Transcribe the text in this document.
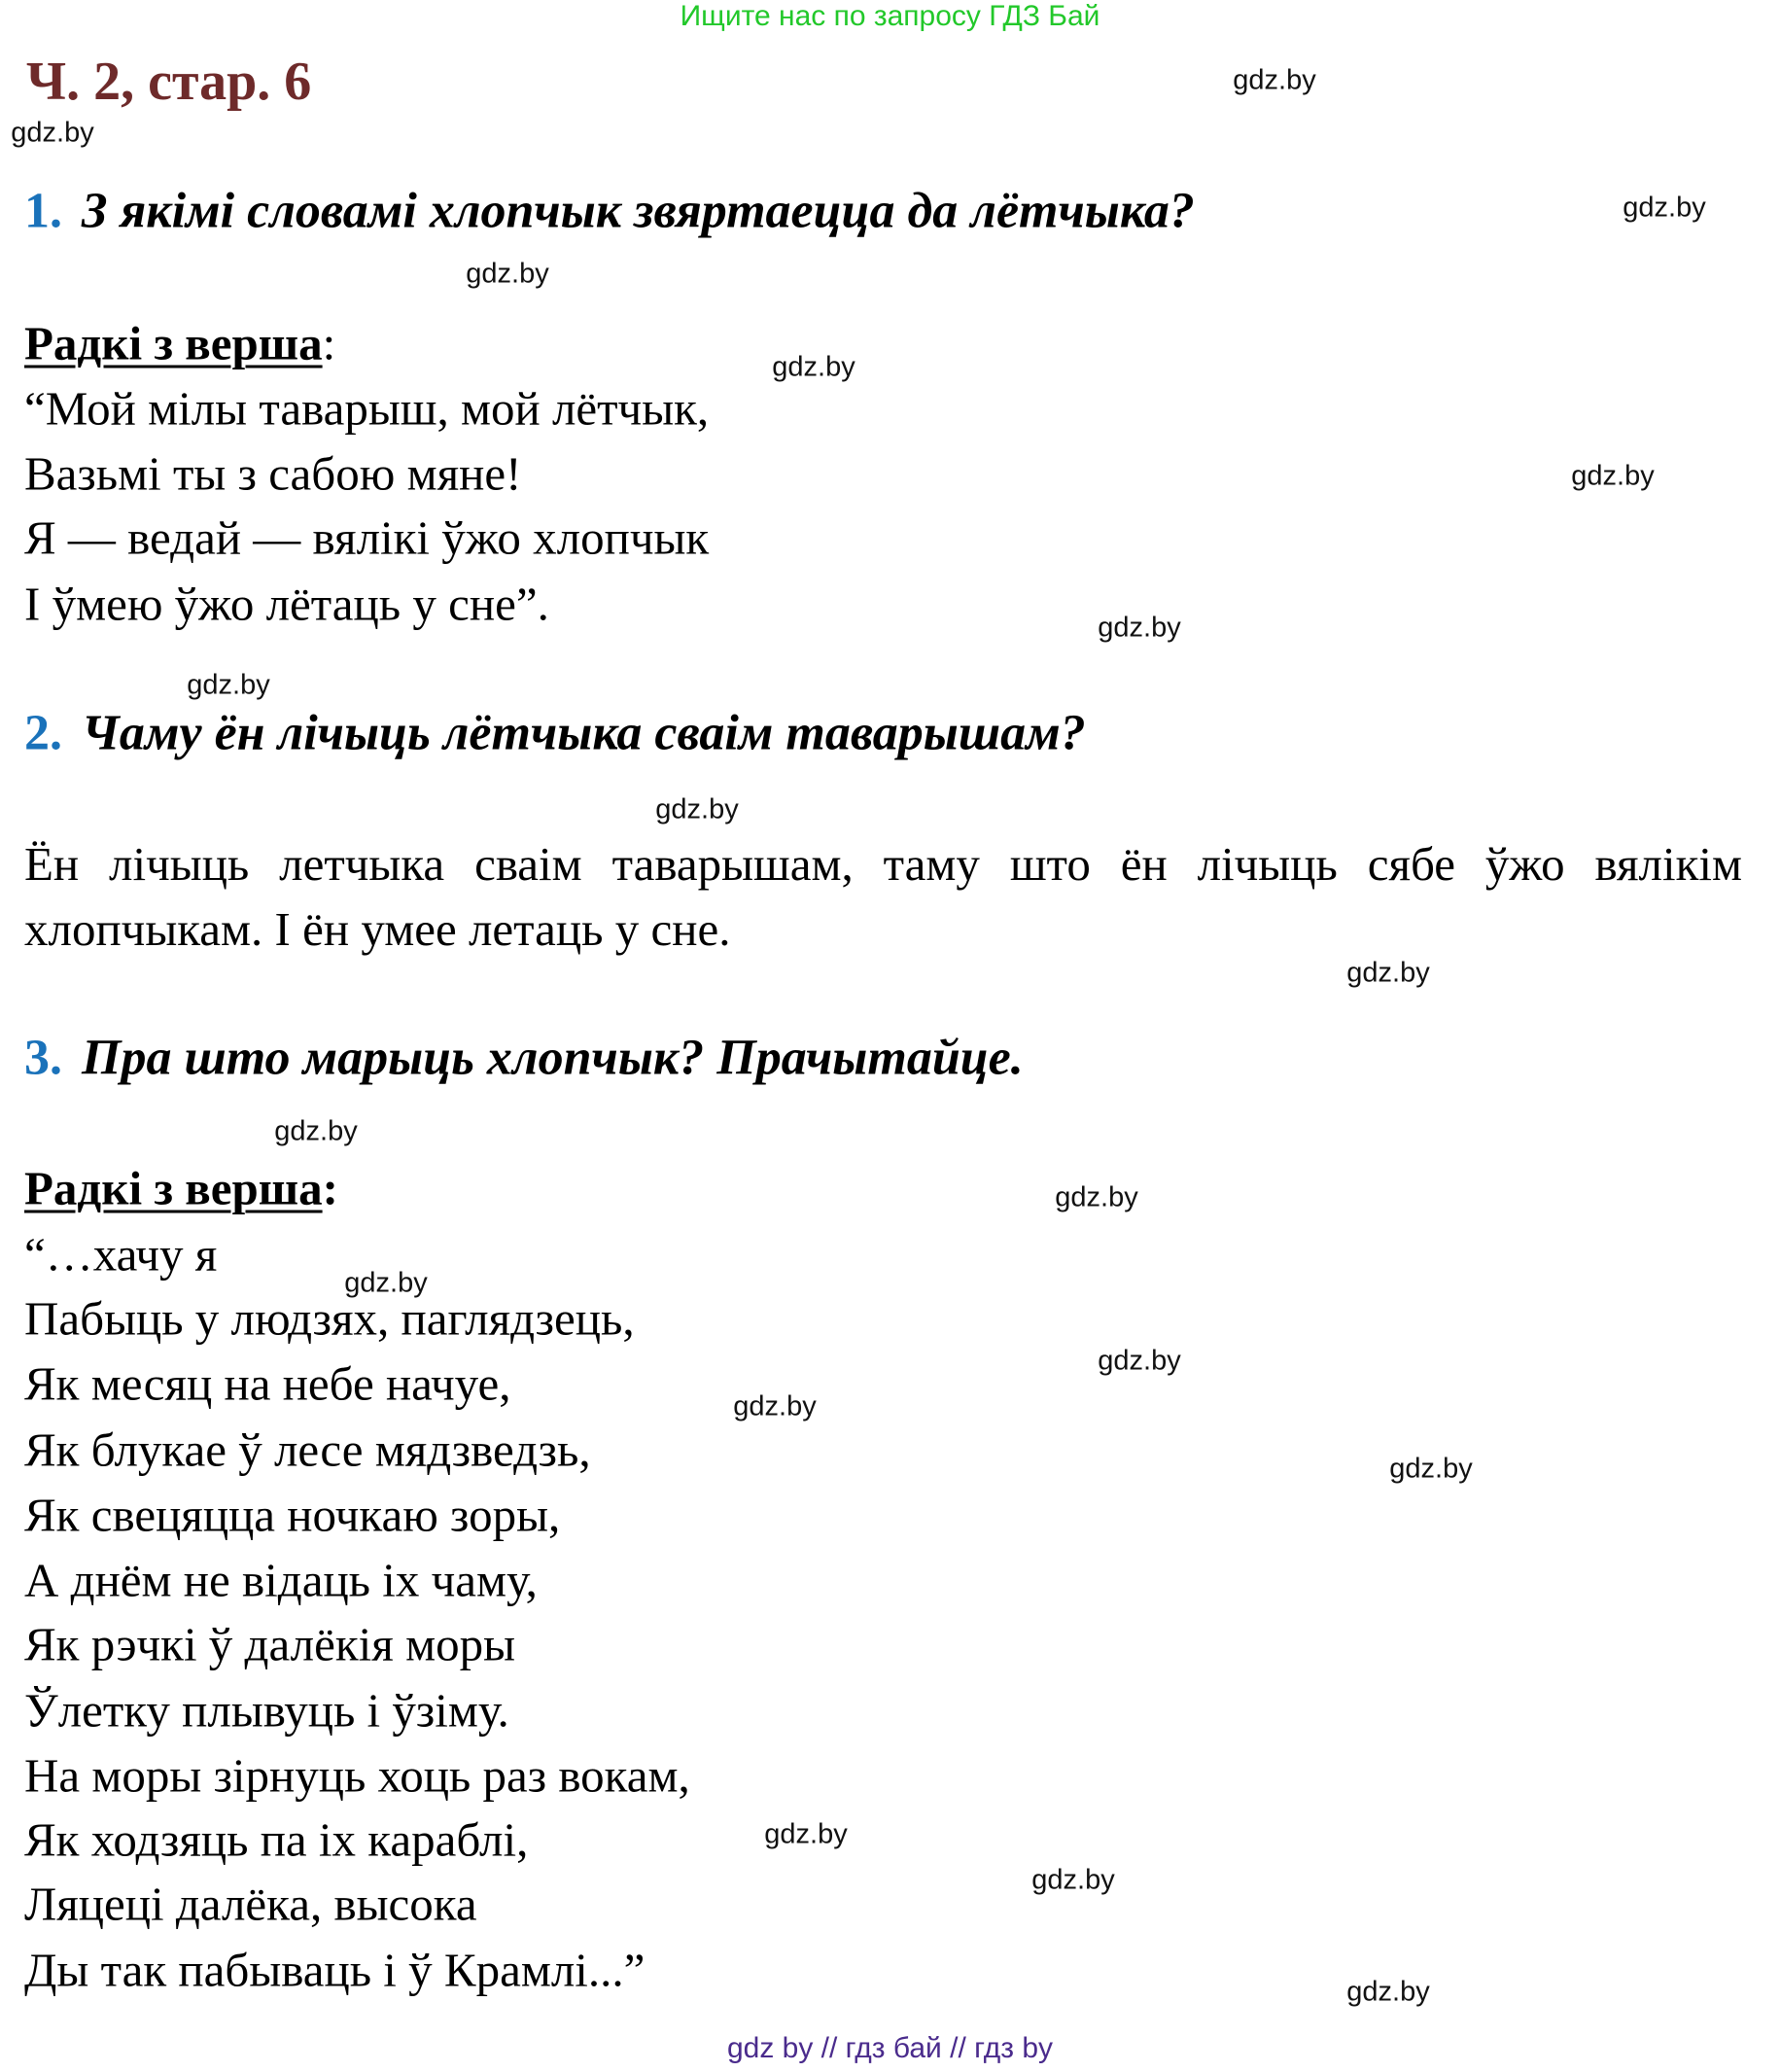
Ищите нас по запросу ГДЗ Бай
Ч. 2, стар. 6	gdz.by
gdz.by
gdz.by
gdz.by
gdz.by
gdz.by
gdz.by
gdz.by
gdz.by
gdz.by
gdz.by
gdz.by
gdz.by
gdz.by
gdz.by
gdz.by
gdz.by
gdz.by
gdz.by
1. З якімі словамі хлопчык звяртаецца да лётчыка?
Радкі з верша:
“Мой мілы таварыш, мой лётчык,
Вазьмі ты з сабою мяне!
Я — ведай — вялікі ўжо хлопчык
І ўмею ўжо лётаць у сне”.
2. Чаму ён лічыць лётчыка сваім таварышам?
Ён лічыць летчыка сваім таварышам, таму што ён лічыць сябе ўжо вялікім хлопчыкам. І ён умее летаць у сне.
3. Пра што марыць хлопчык? Прачытайце.
Радкі з верша:
“…хачу я
Пабыць у людзях, паглядзець,
Як месяц на небе начуе,
Як блукае ў лесе мядзведзь,
Як свецяцца ночкаю зоры,
А днём не відаць іх чаму,
Як рэчкі ў далёкія моры
Ўлетку плывуць і ўзіму.
На моры зірнуць хоць раз вокам,
Як ходзяць па іх караблі,
Ляцеці далёка, высока
Ды так пабываць і ў Крамлі...”
gdz by // гдз бай // гдз by
